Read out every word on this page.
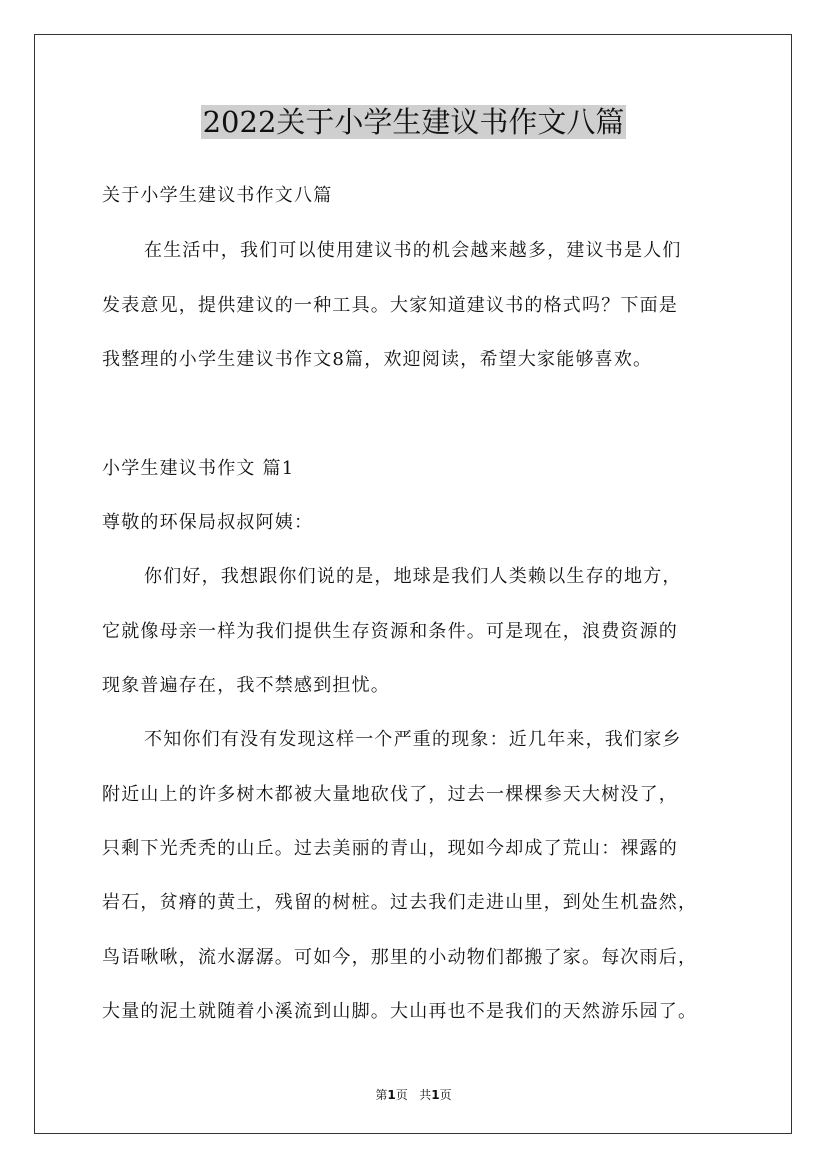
2022关于小学生建议书作文八篇
关于小学生建议书作文八篇
在生活中，我们可以使用建议书的机会越来越多，建议书是人们
发表意见，提供建议的一种工具。大家知道建议书的格式吗？下面是
我整理的小学生建议书作文8篇，欢迎阅读，希望大家能够喜欢。
小学生建议书作文 篇1
尊敬的环保局叔叔阿姨：
你们好，我想跟你们说的是，地球是我们人类赖以生存的地方，
它就像母亲一样为我们提供生存资源和条件。可是现在，浪费资源的
现象普遍存在，我不禁感到担忧。
不知你们有没有发现这样一个严重的现象：近几年来，我们家乡
附近山上的许多树木都被大量地砍伐了，过去一棵棵参天大树没了，
只剩下光秃秃的山丘。过去美丽的青山，现如今却成了荒山：裸露的
岩石，贫瘠的黄土，残留的树桩。过去我们走进山里，到处生机盎然，
鸟语啾啾，流水潺潺。可如今，那里的小动物们都搬了家。每次雨后，
大量的泥土就随着小溪流到山脚。大山再也不是我们的天然游乐园了。
第1页 共1页
